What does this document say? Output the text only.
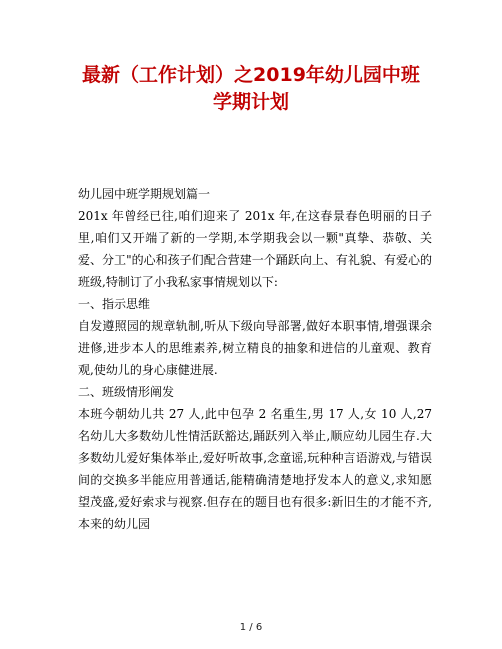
最新（工作计划）之2019年幼儿园中班
学期计划

幼儿园中班学期规划篇一

201x 年曾经已往,咱们迎来了 201x 年,在这春景春色明丽的日子里,咱们又开端了新的一学期,本学期我会以一颗"真挚、恭敬、关爱、分工"的心和孩子们配合营建一个踊跃向上、有礼貌、有爱心的班级,特制订了小我私家事情规划以下:

一、指示思维

自发遵照园的规章轨制,听从下级向导部署,做好本职事情,增强课余进修,进步本人的思维素养,树立精良的抽象和进信的儿童观、教育观,使幼儿的身心康健进展.

二、班级情形阐发

本班今朝幼儿共 27 人,此中包孕 2 名重生,男 17 人,女 10 人,27 名幼儿大多数幼儿性情活跃豁达,踊跃列入举止,顺应幼儿园生存.大多数幼儿爱好集体举止,爱好听故事,念童谣,玩种种言语游戏,与错误间的交换多半能应用普通话,能精确清楚地抒发本人的意义,求知愿望茂盛,爱好索求与视察.但存在的题目也有很多:新旧生的才能不齐,本来的幼儿园

1 / 6
